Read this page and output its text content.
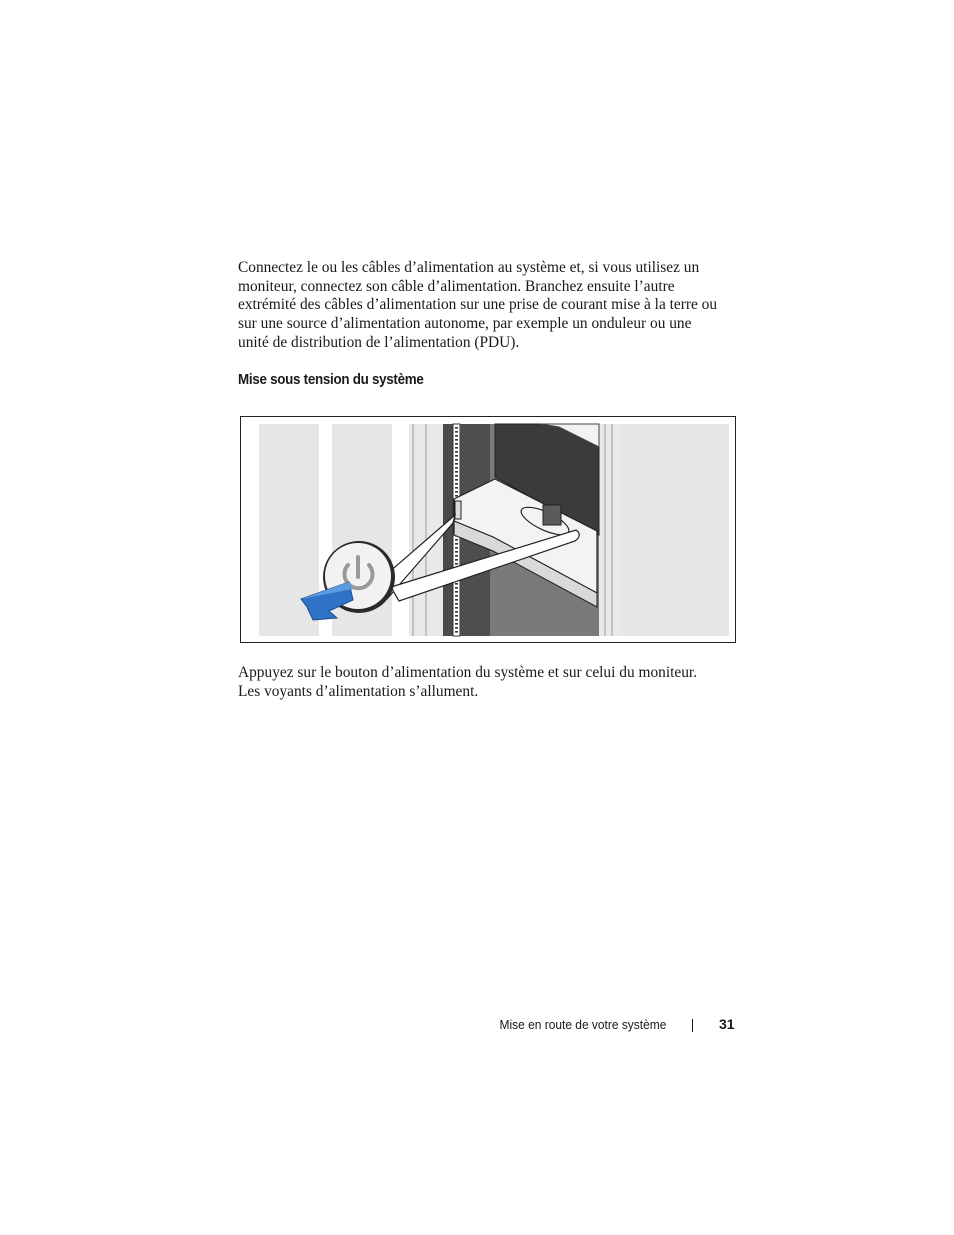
Connectez le ou les câbles d’alimentation au système et, si vous utilisez un
moniteur, connectez son câble d’alimentation. Branchez ensuite l’autre
extrémité des câbles d’alimentation sur une prise de courant mise à la terre ou
sur une source d’alimentation autonome, par exemple un onduleur ou une
unité de distribution de l’alimentation (PDU).

Mise sous tension du système

Appuyez sur le bouton d’alimentation du système et sur celui du moniteur.
Les voyants d’alimentation s’allument.

Mise en route de votre système	31
